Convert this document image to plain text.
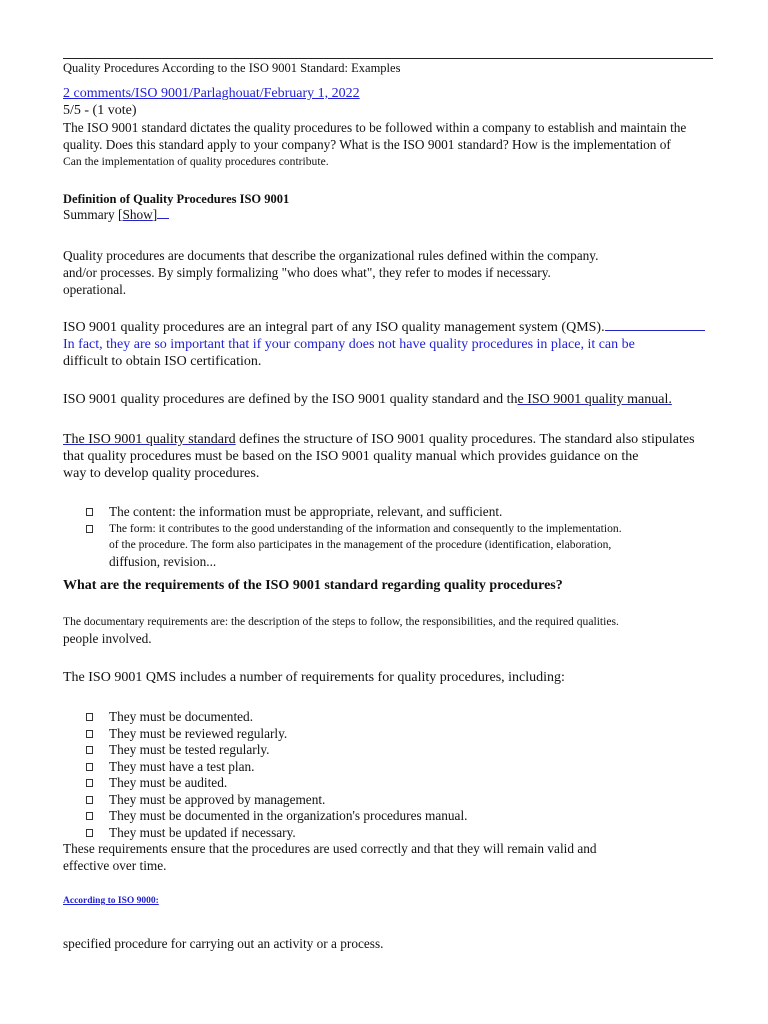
Quality Procedures According to the ISO 9001 Standard: Examples
2 comments/ISO 9001/Parlaghouat/February 1, 2022
5/5 - (1 vote)
The ISO 9001 standard dictates the quality procedures to be followed within a company to establish and maintain the
quality. Does this standard apply to your company? What is the ISO 9001 standard? How is the implementation of
Can the implementation of quality procedures contribute.
Definition of Quality Procedures ISO 9001
Summary [Show]
Quality procedures are documents that describe the organizational rules defined within the company.
and/or processes. By simply formalizing "who does what", they refer to modes if necessary.
operational.
ISO 9001 quality procedures are an integral part of any ISO quality management system (QMS).
In fact, they are so important that if your company does not have quality procedures in place, it can be
difficult to obtain ISO certification.
ISO 9001 quality procedures are defined by the ISO 9001 quality standard and the ISO 9001 quality manual.
The ISO 9001 quality standard defines the structure of ISO 9001 quality procedures. The standard also stipulates
that quality procedures must be based on the ISO 9001 quality manual which provides guidance on the
way to develop quality procedures.
The content: the information must be appropriate, relevant, and sufficient.
The form: it contributes to the good understanding of the information and consequently to the implementation.
of the procedure. The form also participates in the management of the procedure (identification, elaboration,
diffusion, revision...
What are the requirements of the ISO 9001 standard regarding quality procedures?
The documentary requirements are: the description of the steps to follow, the responsibilities, and the required qualities.
people involved.
The ISO 9001 QMS includes a number of requirements for quality procedures, including:
They must be documented.
They must be reviewed regularly.
They must be tested regularly.
They must have a test plan.
They must be audited.
They must be approved by management.
They must be documented in the organization's procedures manual.
They must be updated if necessary.
These requirements ensure that the procedures are used correctly and that they will remain valid and
effective over time.
According to ISO 9000:
specified procedure for carrying out an activity or a process.
